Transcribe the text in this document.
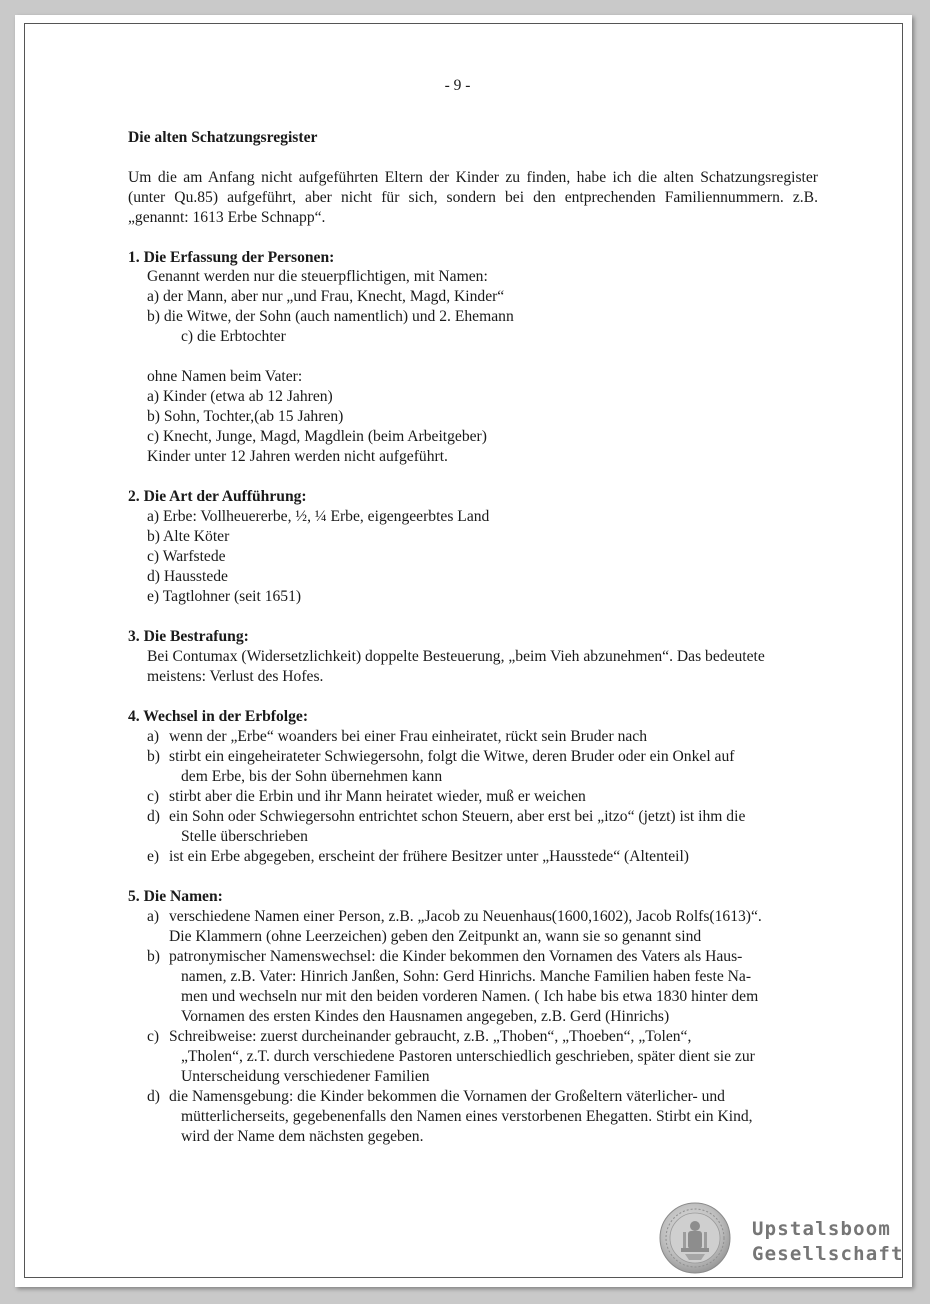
- 9 -
Die alten Schatzungsregister
Um die am Anfang nicht aufgeführten Eltern der Kinder zu finden, habe ich die alten Schatzungsregister
(unter Qu.85) aufgeführt, aber nicht für sich, sondern bei den entprechenden Familiennummern. z.B.
„genannt: 1613 Erbe Schnapp“.
1. Die Erfassung der Personen:
Genannt werden nur die steuerpflichtigen, mit Namen:
a) der Mann, aber nur „und Frau, Knecht, Magd, Kinder“
b) die Witwe, der Sohn (auch namentlich) und 2. Ehemann
c) die Erbtochter
ohne Namen beim Vater:
a) Kinder (etwa ab 12 Jahren)
b) Sohn, Tochter,(ab 15 Jahren)
c) Knecht, Junge, Magd, Magdlein (beim Arbeitgeber)
Kinder unter 12 Jahren werden nicht aufgeführt.
2. Die Art der Aufführung:
a) Erbe: Vollheuererbe, ½, ¼ Erbe, eigengeerbtes Land
b) Alte Köter
c) Warfstede
d) Hausstede
e) Tagtlohner (seit 1651)
3. Die Bestrafung:
Bei Contumax (Widersetzlichkeit) doppelte Besteuerung, „beim Vieh abzunehmen“. Das bedeutete
meistens: Verlust des Hofes.
4. Wechsel in der Erbfolge:
a) wenn der „Erbe“ woanders bei einer Frau einheiratet, rückt sein Bruder nach
b) stirbt ein eingeheirateter Schwiegersohn, folgt die Witwe, deren Bruder oder ein Onkel auf
dem Erbe, bis der Sohn übernehmen kann
c) stirbt aber die Erbin und ihr Mann heiratet wieder, muß er weichen
d) ein Sohn oder Schwiegersohn entrichtet schon Steuern, aber erst bei „itzo“ (jetzt) ist ihm die
Stelle überschrieben
e) ist ein Erbe abgegeben, erscheint der frühere Besitzer unter „Hausstede“ (Altenteil)
5. Die Namen:
a) verschiedene Namen einer Person, z.B. „Jacob zu Neuenhaus(1600,1602), Jacob Rolfs(1613)“.
Die Klammern (ohne Leerzeichen) geben den Zeitpunkt an, wann sie so genannt sind
b) patronymischer Namenswechsel: die Kinder bekommen den Vornamen des Vaters als Haus-
namen, z.B. Vater: Hinrich Janßen, Sohn: Gerd Hinrichs. Manche Familien haben feste Na-
men und wechseln nur mit den beiden vorderen Namen. ( Ich habe bis etwa 1830 hinter dem
Vornamen des ersten Kindes den Hausnamen angegeben, z.B. Gerd (Hinrichs)
c) Schreibweise: zuerst durcheinander gebraucht, z.B. „Thoben“, „Thoeben“, „Tolen“,
„Tholen“, z.T. durch verschiedene Pastoren unterschiedlich geschrieben, später dient sie zur
Unterscheidung verschiedener Familien
d) die Namensgebung: die Kinder bekommen die Vornamen der Großeltern väterlicher- und
mütterlicherseits, gegebenenfalls den Namen eines verstorbenen Ehegatten. Stirbt ein Kind,
wird der Name dem nächsten gegeben.
Upstalsboom
Gesellschaft
